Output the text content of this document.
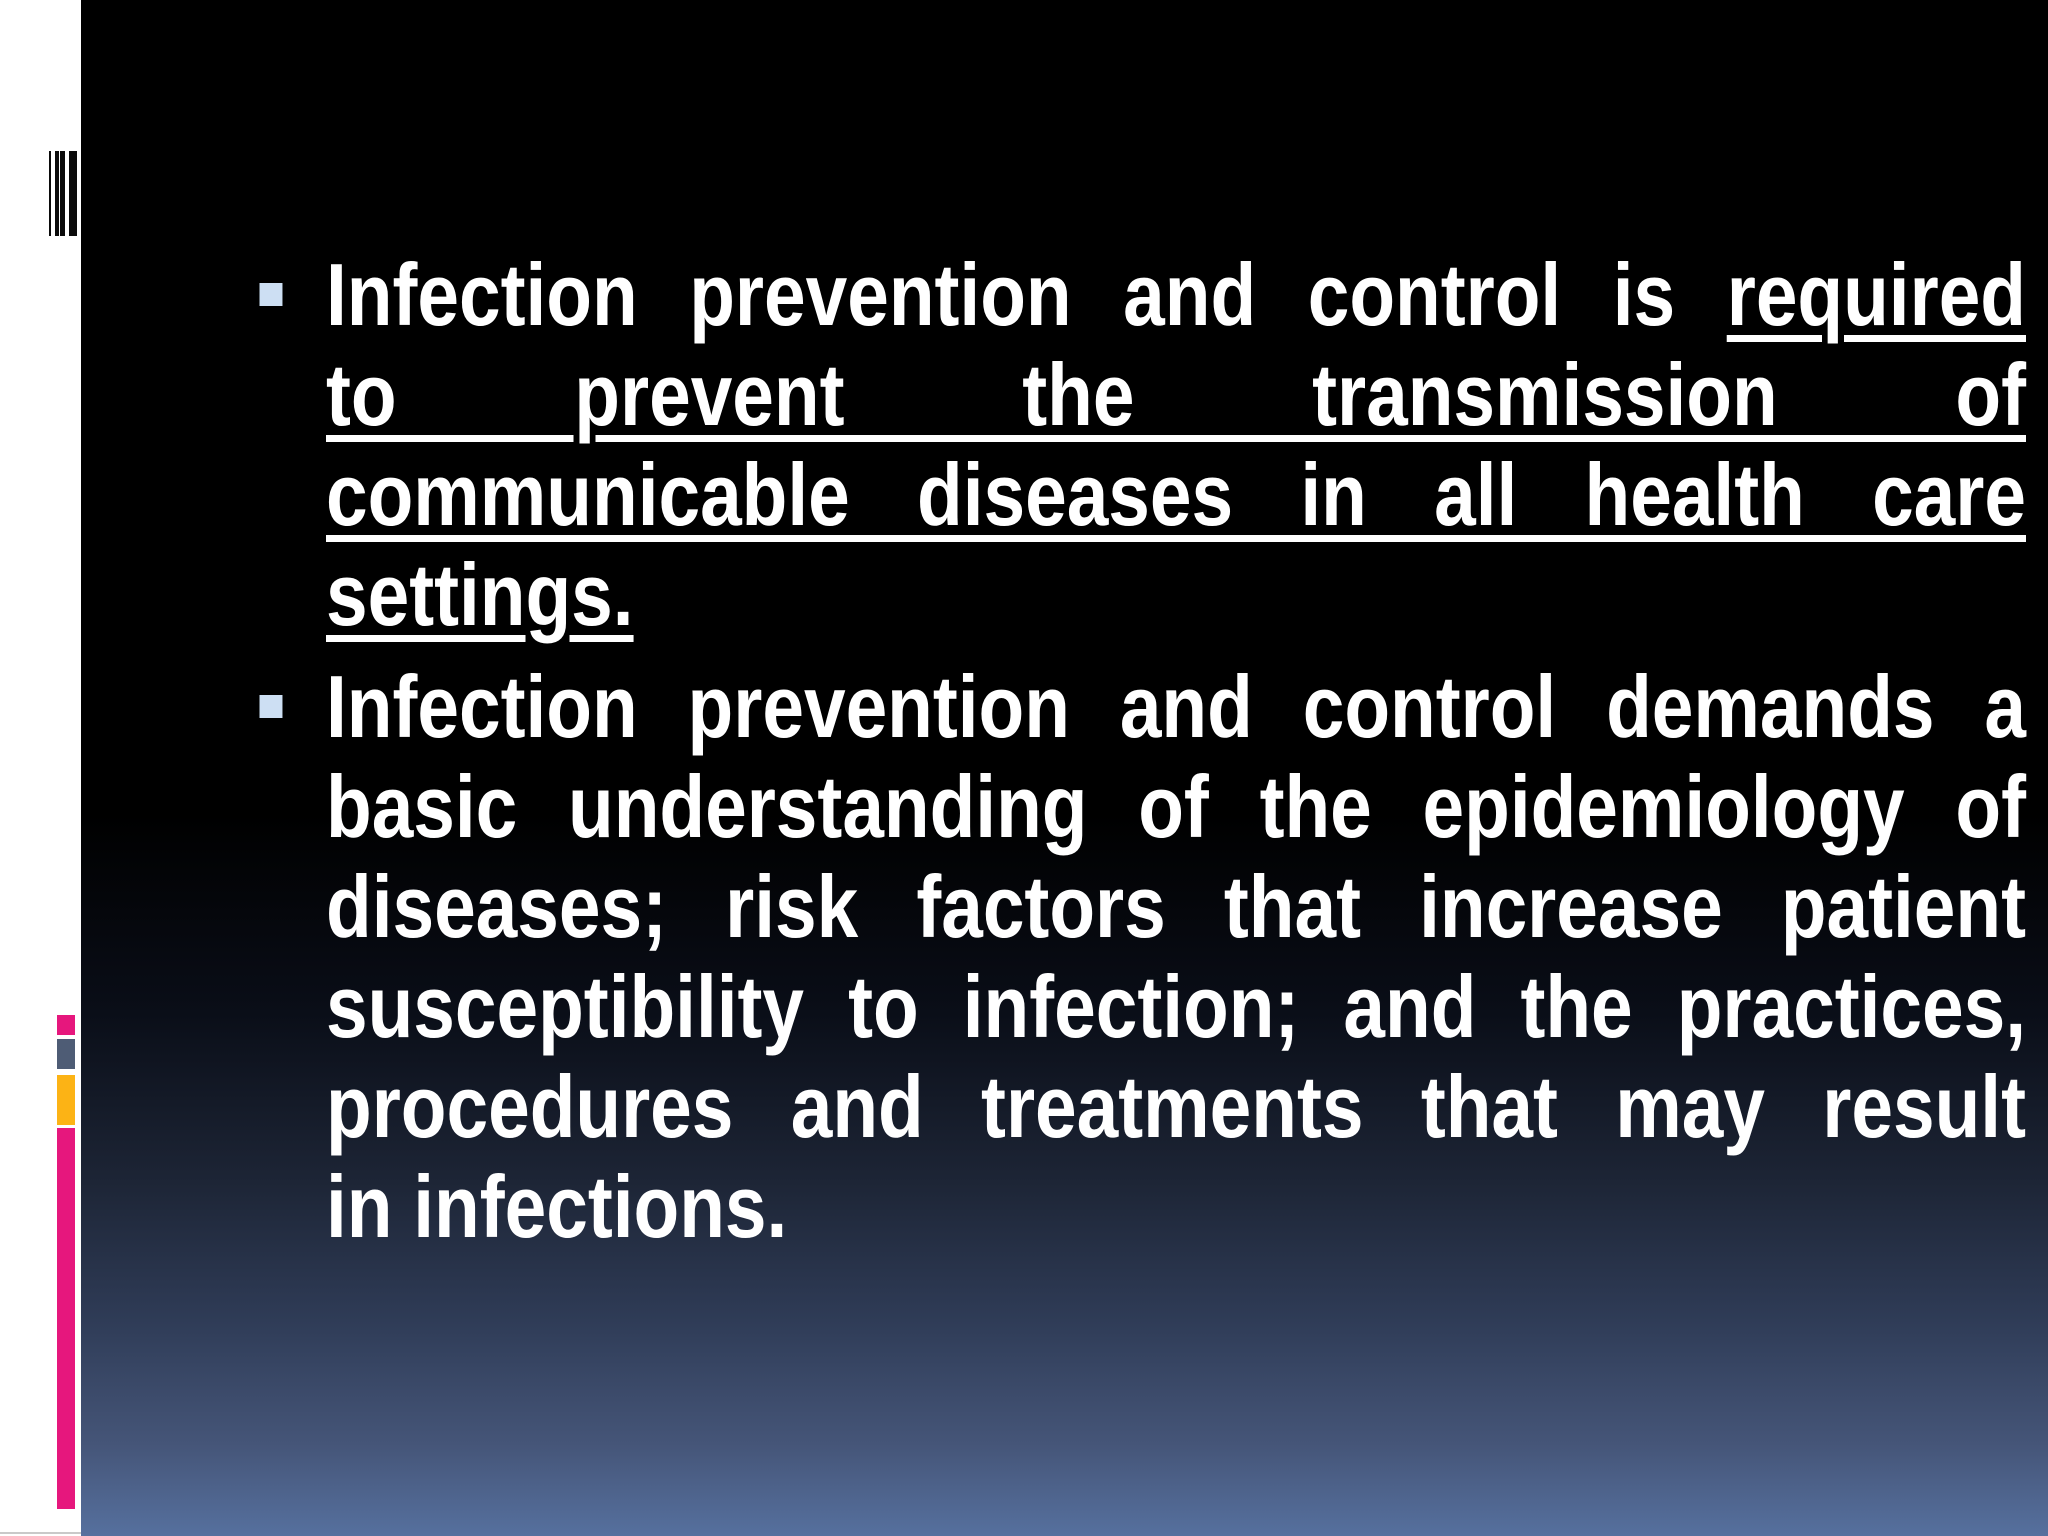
Infection prevention and control is required
to prevent the transmission of
communicable diseases in all health care
settings.
Infection prevention and control demands a
basic understanding of the epidemiology of
diseases; risk factors that increase patient
susceptibility to infection; and the practices,
procedures and treatments that may result
in infections.
